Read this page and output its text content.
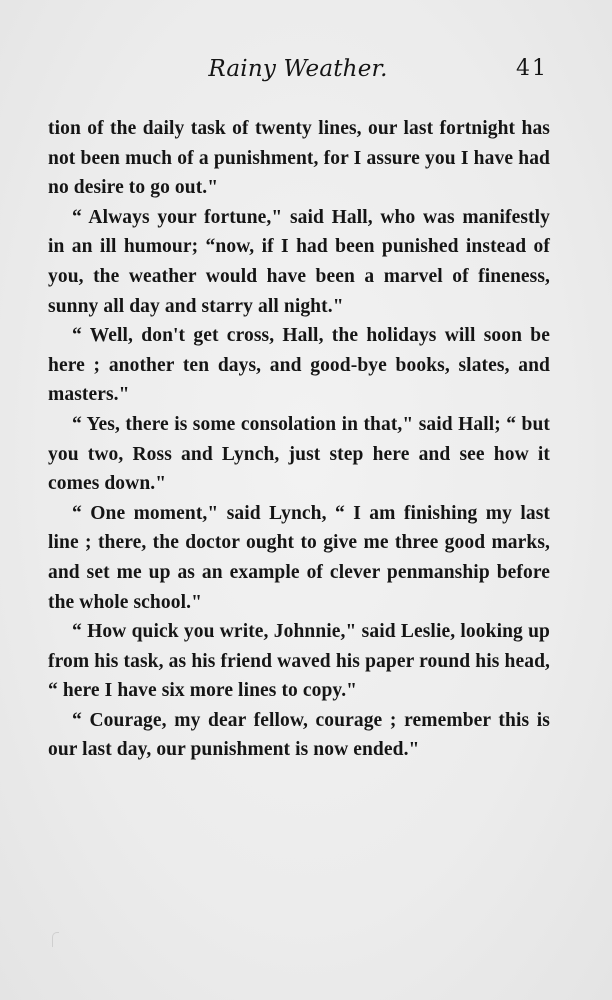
Rainy Weather.	41

tion of the daily task of twenty lines, our last fortnight has not been much of a punishment, for I assure you I have had no desire to go out."

“ Always your fortune," said Hall, who was manifestly in an ill humour; “now, if I had been punished instead of you, the weather would have been a marvel of fineness, sunny all day and starry all night."

“ Well, don't get cross, Hall, the holidays will soon be here ; another ten days, and good-bye books, slates, and masters."

“ Yes, there is some consolation in that," said Hall; “ but you two, Ross and Lynch, just step here and see how it comes down."

“ One moment," said Lynch, “ I am finishing my last line ; there, the doctor ought to give me three good marks, and set me up as an example of clever penmanship before the whole school."

“ How quick you write, Johnnie," said Leslie, looking up from his task, as his friend waved his paper round his head, “ here I have six more lines to copy."

“ Courage, my dear fellow, courage ; remember this is our last day, our punishment is now ended."
